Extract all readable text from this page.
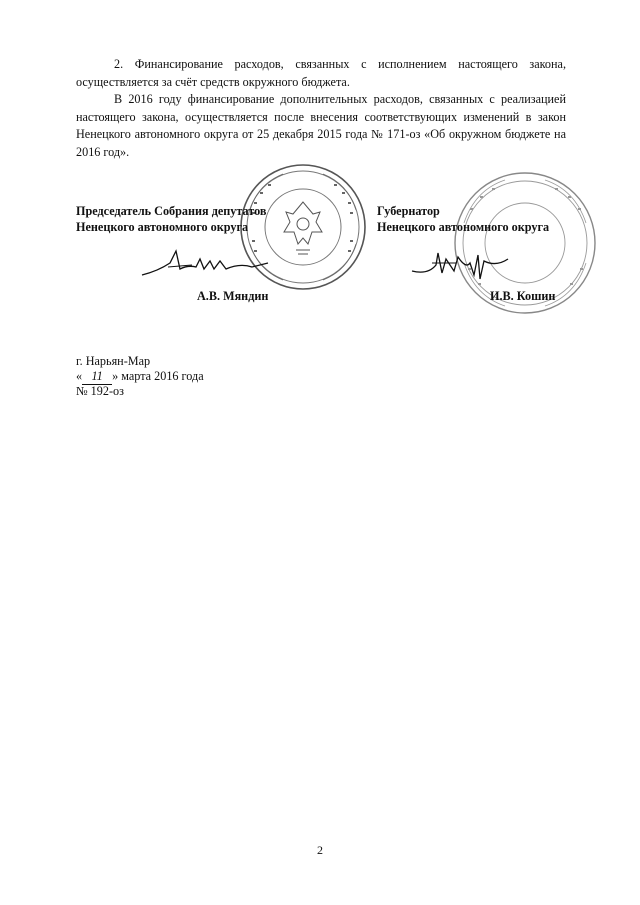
2. Финансирование расходов, связанных с исполнением настоящего закона, осуществляется за счёт средств окружного бюджета.

В 2016 году финансирование дополнительных расходов, связанных с реализацией настоящего закона, осуществляется после внесения соответствующих изменений в закон Ненецкого автономного округа от 25 декабря 2015 года № 171-оз «Об окружном бюджете на 2016 год».

Председатель Собрания депутатов
Ненецкого автономного округа
Губернатор
Ненецкого автономного округа
А.В. Мяндин	И.В. Кошин
г. Нарьян-Мар
« 11 » марта 2016 года
№ 192-оз
2
